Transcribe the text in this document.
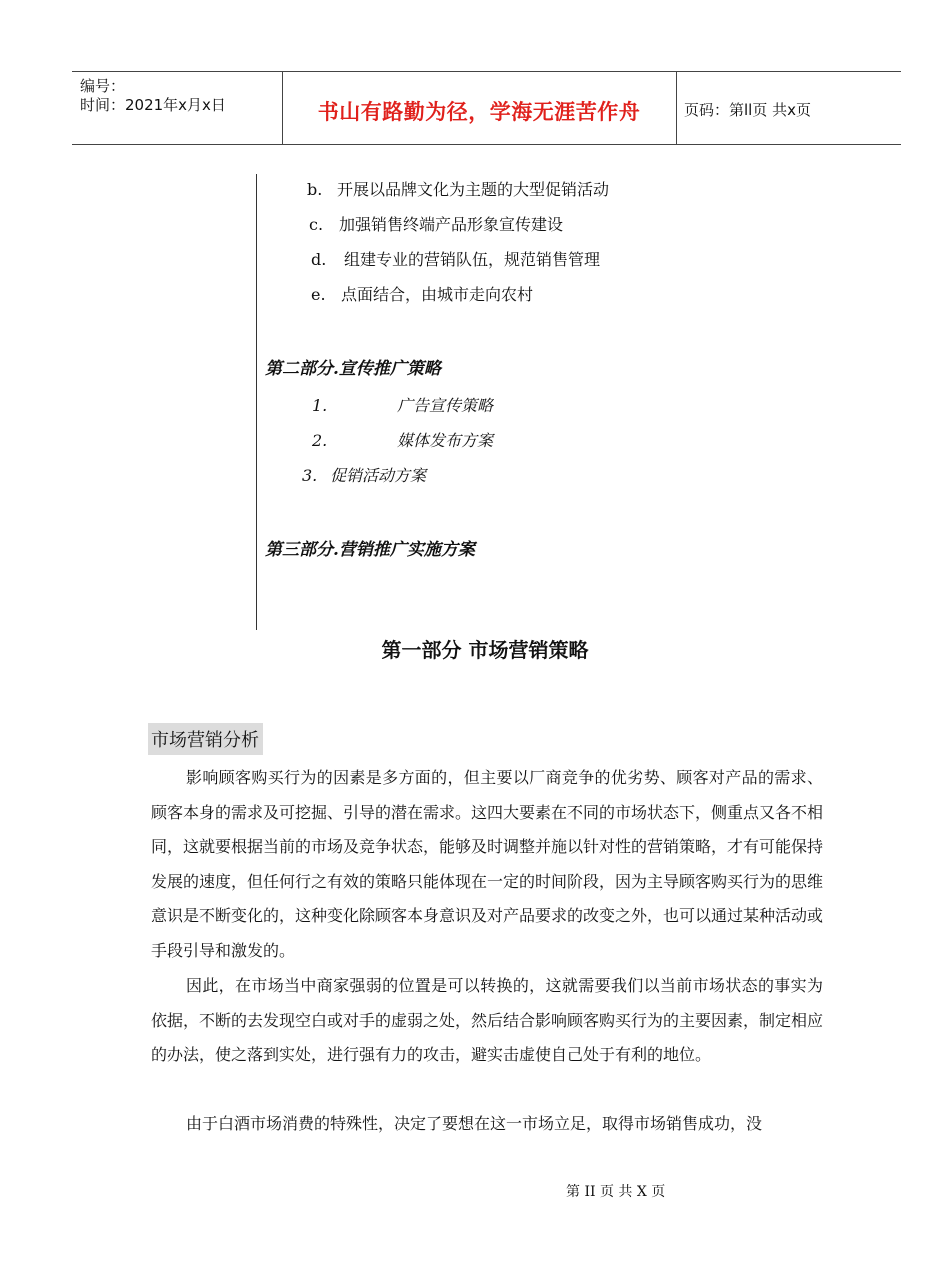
编号：
时间：2021年x月x日	书山有路勤为径，学海无涯苦作舟	页码：第ll页 共x页
b. 开展以品牌文化为主题的大型促销活动
c. 加强销售终端产品形象宣传建设
d. 组建专业的营销队伍，规范销售管理
e. 点面结合，由城市走向农村
第二部分.宣传推广策略
1.	广告宣传策略
2.	媒体发布方案
3. 促销活动方案
第三部分.营销推广实施方案
第一部分 市场营销策略
市场营销分析

影响顾客购买行为的因素是多方面的，但主要以厂商竞争的优劣势、顾客对产品的需求、顾客本身的需求及可挖掘、引导的潜在需求。这四大要素在不同的市场状态下，侧重点又各不相同，这就要根据当前的市场及竞争状态，能够及时调整并施以针对性的营销策略，才有可能保持发展的速度，但任何行之有效的策略只能体现在一定的时间阶段，因为主导顾客购买行为的思维意识是不断变化的，这种变化除顾客本身意识及对产品要求的改变之外，也可以通过某种活动或手段引导和激发的。

因此，在市场当中商家强弱的位置是可以转换的，这就需要我们以当前市场状态的事实为依据，不断的去发现空白或对手的虚弱之处，然后结合影响顾客购买行为的主要因素，制定相应的办法，使之落到实处，进行强有力的攻击，避实击虚使自己处于有利的地位。

由于白酒市场消费的特殊性，决定了要想在这一市场立足，取得市场销售成功，没

第 II 页 共 X 页
